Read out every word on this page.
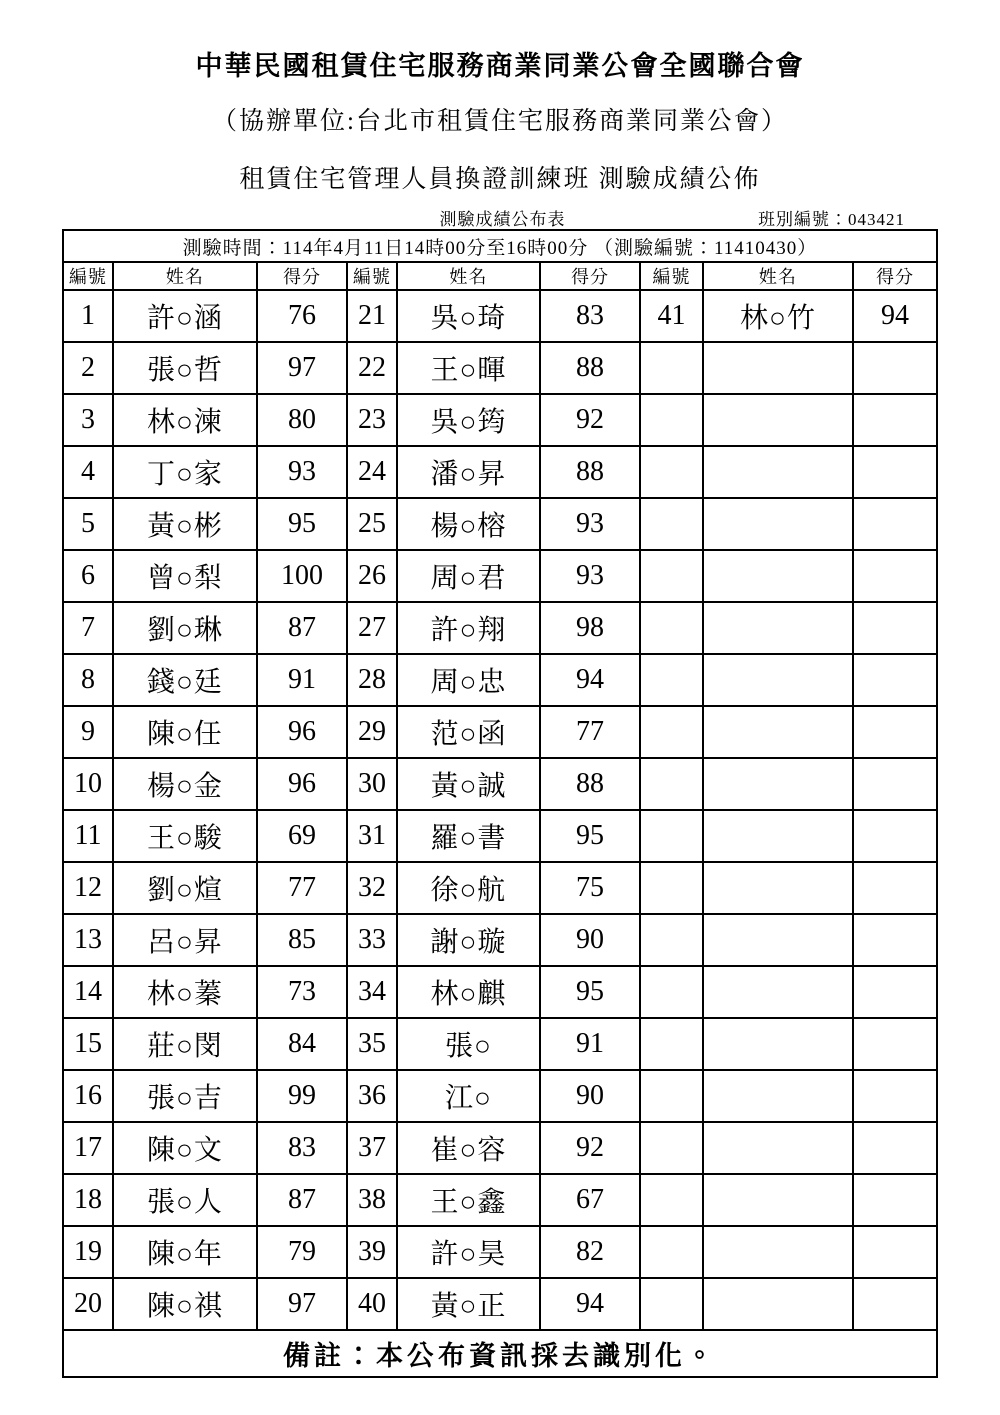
中華民國租賃住宅服務商業同業公會全國聯合會
（協辦單位:台北市租賃住宅服務商業同業公會）
租賃住宅管理人員換證訓練班 測驗成績公佈
測驗成績公布表	班別編號：043421
測驗時間：114年4月11日14時00分至16時00分 （測驗編號：11410430）								
編號	姓名	得分	編號	姓名	得分	編號	姓名	得分
1	許○涵	76	21	吳○琦	83	41	林○竹	94
2	張○哲	97	22	王○暉	88			
3	林○湅	80	23	吳○筠	92			
4	丁○家	93	24	潘○昇	88			
5	黃○彬	95	25	楊○榕	93			
6	曾○梨	100	26	周○君	93			
7	劉○琳	87	27	許○翔	98			
8	錢○廷	91	28	周○忠	94			
9	陳○任	96	29	范○函	77			
10	楊○金	96	30	黃○誠	88			
11	王○駿	69	31	羅○書	95			
12	劉○煊	77	32	徐○航	75			
13	呂○昇	85	33	謝○璇	90			
14	林○蓁	73	34	林○麒	95			
15	莊○閔	84	35	張○	91			
16	張○吉	99	36	江○	90			
17	陳○文	83	37	崔○容	92			
18	張○人	87	38	王○鑫	67			
19	陳○年	79	39	許○昊	82			
20	陳○祺	97	40	黃○正	94			
備註：本公布資訊採去識別化。								
